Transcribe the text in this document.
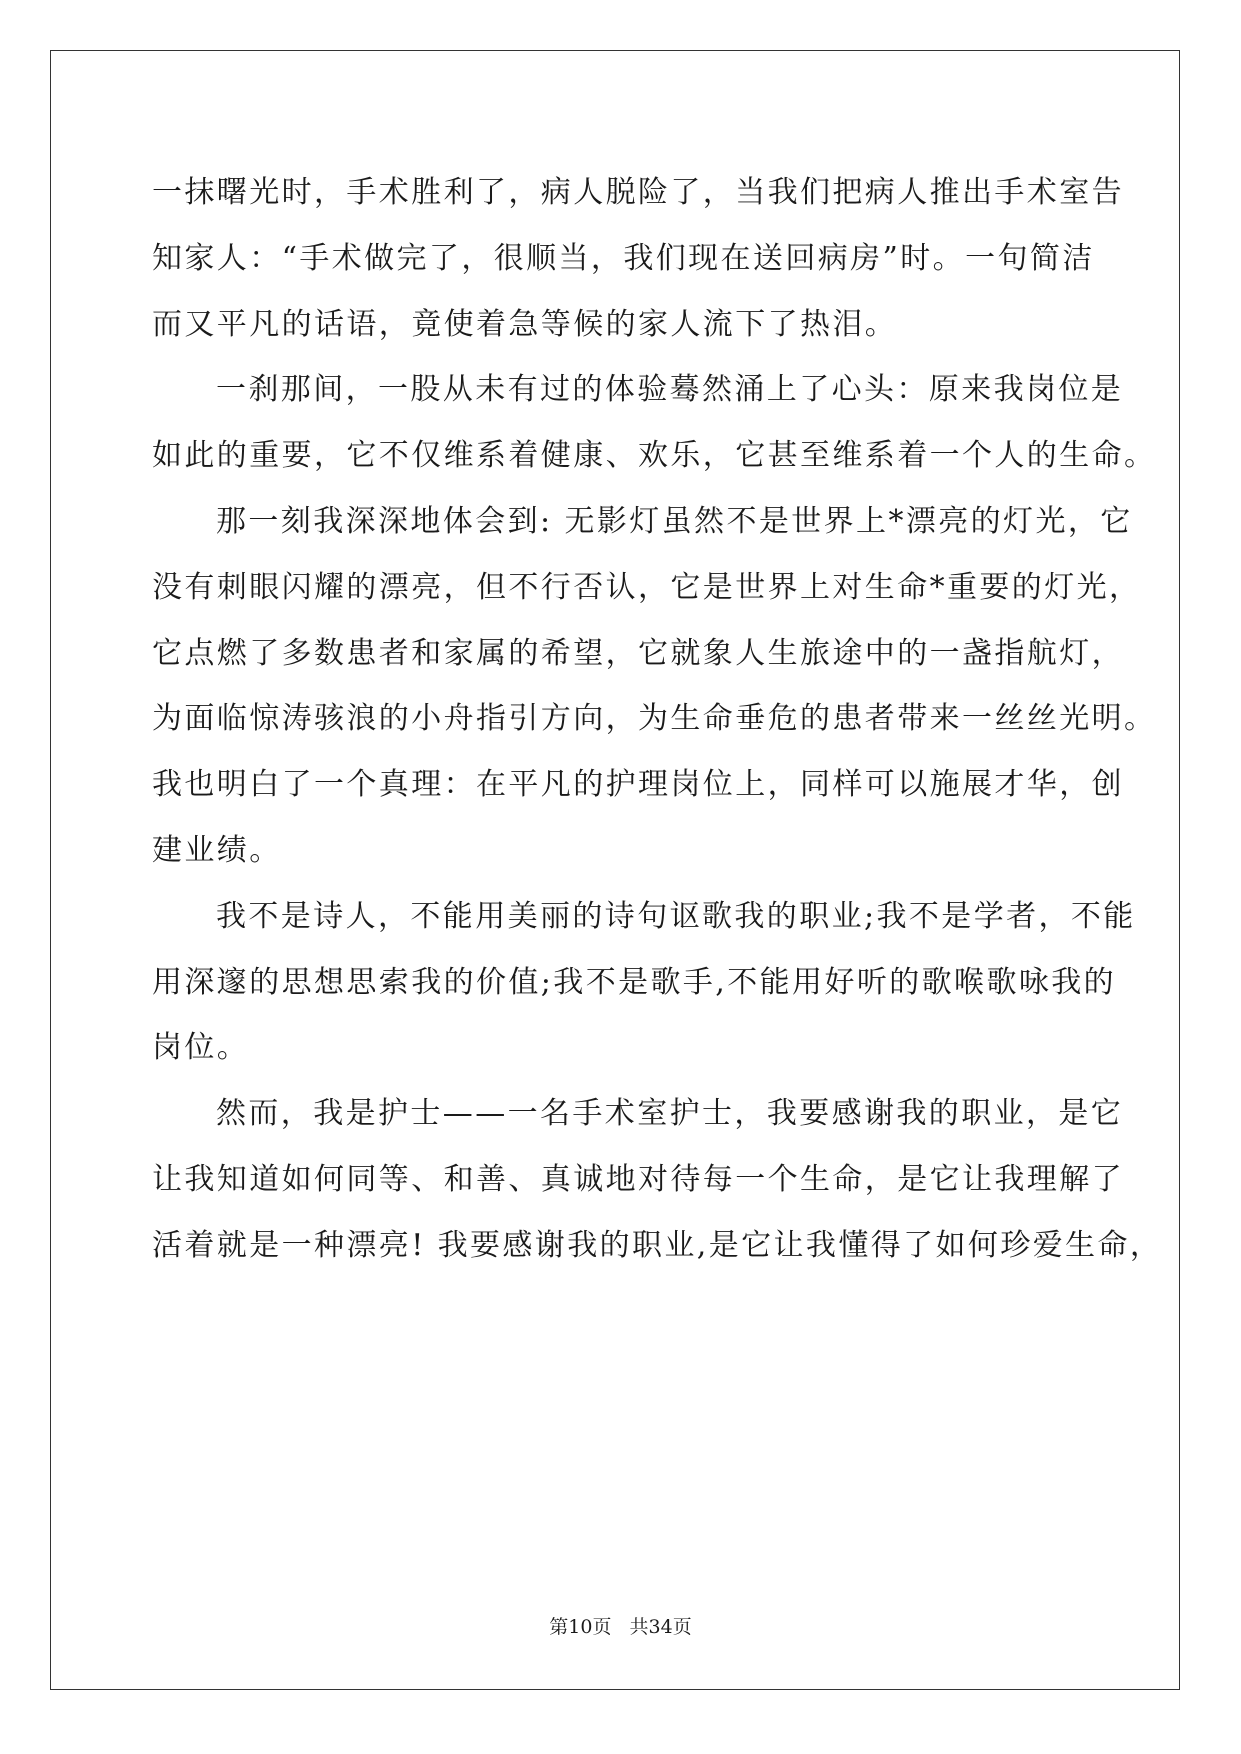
一抹曙光时，手术胜利了，病人脱险了，当我们把病人推出手术室告
知家人：“手术做完了，很顺当，我们现在送回病房”时。一句简洁
而又平凡的话语，竟使着急等候的家人流下了热泪。
一刹那间，一股从未有过的体验蓦然涌上了心头：原来我岗位是
如此的重要，它不仅维系着健康、欢乐，它甚至维系着一个人的生命。
那一刻我深深地体会到: 无影灯虽然不是世界上*漂亮的灯光，它
没有刺眼闪耀的漂亮，但不行否认，它是世界上对生命*重要的灯光，
它点燃了多数患者和家属的希望，它就象人生旅途中的一盏指航灯，
为面临惊涛骇浪的小舟指引方向，为生命垂危的患者带来一丝丝光明。
我也明白了一个真理：在平凡的护理岗位上，同样可以施展才华，创
建业绩。
我不是诗人，不能用美丽的诗句讴歌我的职业;我不是学者，不能
用深邃的思想思索我的价值;我不是歌手,不能用好听的歌喉歌咏我的
岗位。
然而，我是护士——一名手术室护士，我要感谢我的职业，是它
让我知道如何同等、和善、真诚地对待每一个生命，是它让我理解了
活着就是一种漂亮! 我要感谢我的职业,是它让我懂得了如何珍爱生命，
第10页 共34页
